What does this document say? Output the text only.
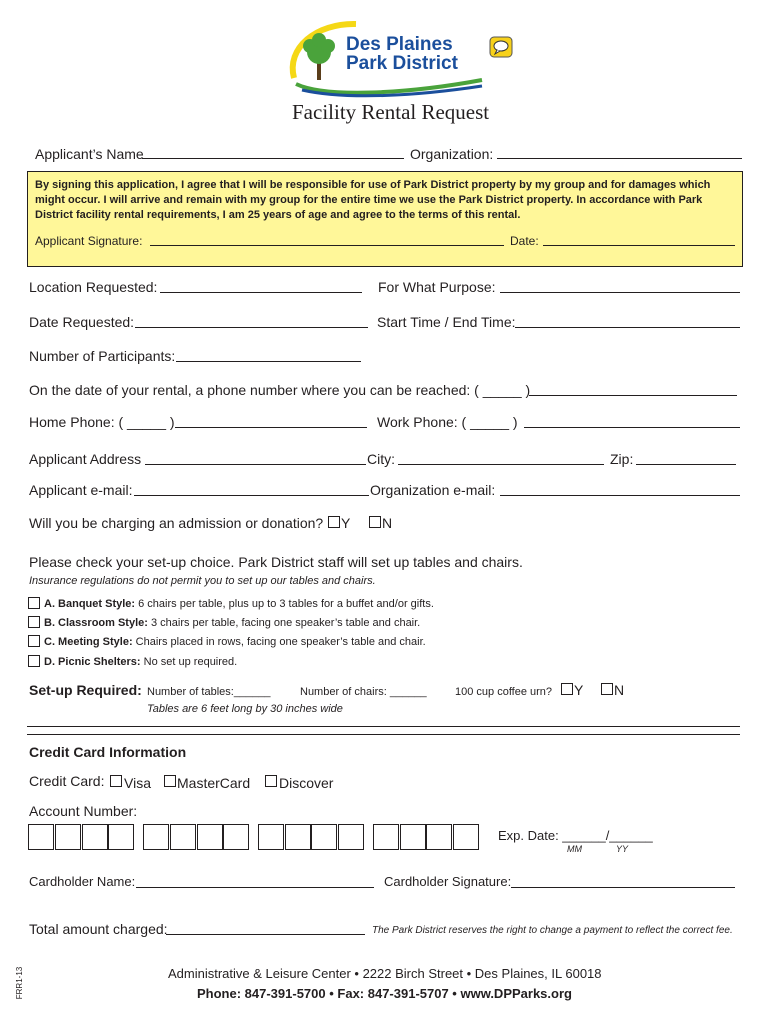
Des Plaines
Park District
Facility Rental Request
Applicant’s Name	Organization:
By signing this application, I agree that I will be responsible for use of Park District property by my group and for damages which
might occur. I will arrive and remain with my group for the entire time we use the Park District property. In accordance with Park
District facility rental requirements, I am 25 years of age and agree to the terms of this rental.
Applicant Signature:	Date:
Location Requested:	For What Purpose:
Date Requested:	Start Time / End Time:
Number of Participants:
On the date of your rental, a phone number where you can be reached: ( _____ )
Home Phone: ( _____ )	Work Phone: ( _____ )
Applicant Address	City:	Zip:
Applicant e-mail:	Organization e-mail:
Will you be charging an admission or donation? Y N
Please check your set-up choice. Park District staff will set up tables and chairs.
Insurance regulations do not permit you to set up our tables and chairs.
A. Banquet Style: 6 chairs per table, plus up to 3 tables for a buffet and/or gifts.
B. Classroom Style: 3 chairs per table, facing one speaker’s table and chair.
C. Meeting Style: Chairs placed in rows, facing one speaker’s table and chair.
D. Picnic Shelters: No set up required.
Set-up Required: Number of tables:______	Number of chairs: ______	100 cup coffee urn? Y N
Tables are 6 feet long by 30 inches wide
Credit Card Information
Credit Card: Visa MasterCard Discover
Account Number:
Exp. Date: ______/______
MM	YY
Cardholder Name:	Cardholder Signature:
Total amount charged:	The Park District reserves the right to change a payment to reflect the correct fee.
FRR1-13	Administrative & Leisure Center • 2222 Birch Street • Des Plaines, IL 60018
Phone: 847-391-5700 • Fax: 847-391-5707 • www.DPParks.org
